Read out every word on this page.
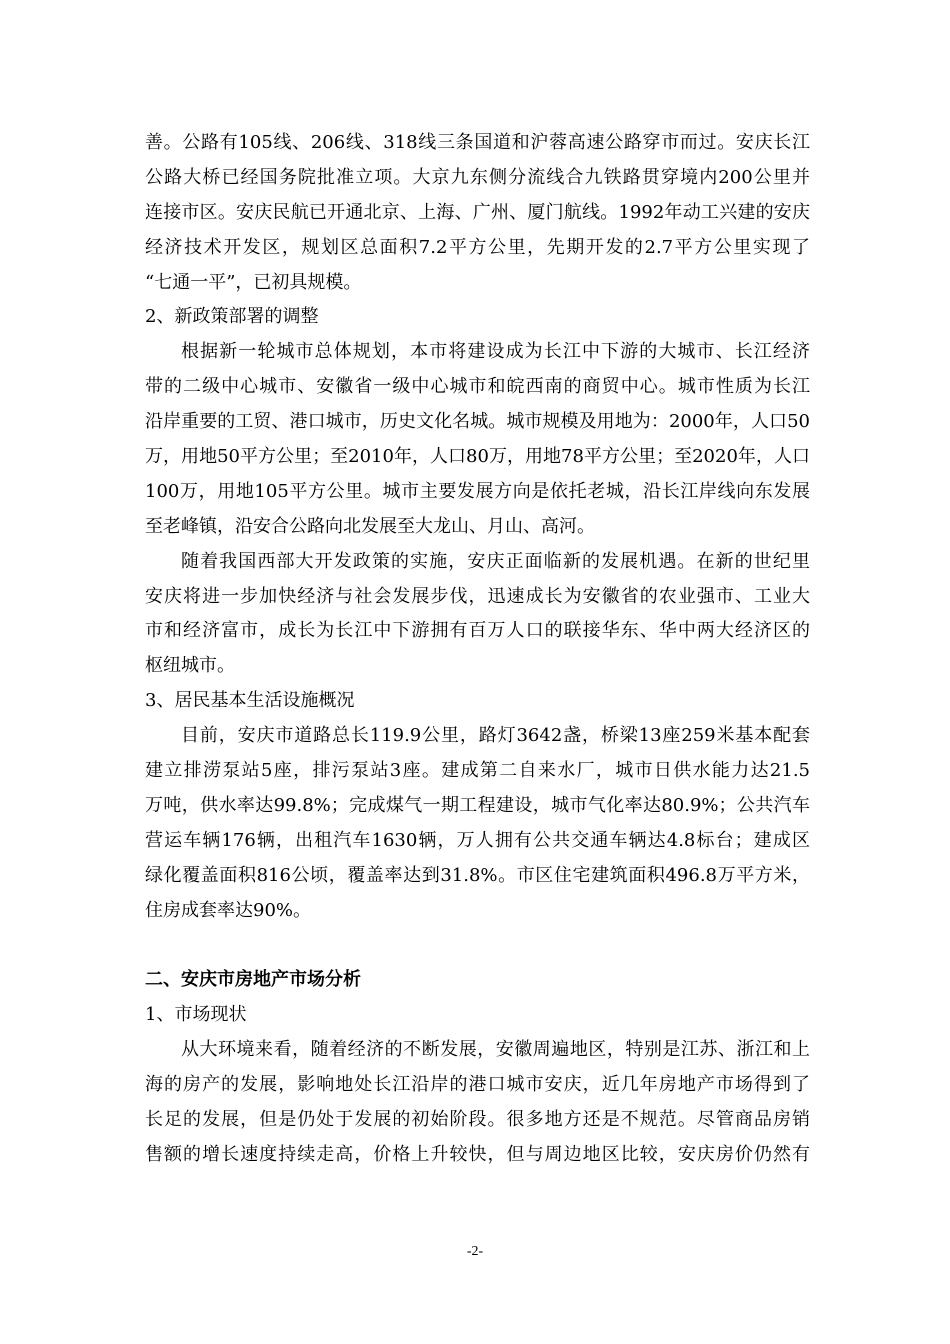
善。公路有105线、206线、318线三条国道和沪蓉高速公路穿市而过。安庆长江
公路大桥已经国务院批准立项。大京九东侧分流线合九铁路贯穿境内200公里并
连接市区。安庆民航已开通北京、上海、广州、厦门航线。1992年动工兴建的安庆
经济技术开发区，规划区总面积7.2平方公里，先期开发的2.7平方公里实现了
“七通一平”，已初具规模。
2、新政策部署的调整
根据新一轮城市总体规划，本市将建设成为长江中下游的大城市、长江经济
带的二级中心城市、安徽省一级中心城市和皖西南的商贸中心。城市性质为长江
沿岸重要的工贸、港口城市，历史文化名城。城市规模及用地为：2000年，人口50
万，用地50平方公里；至2010年，人口80万，用地78平方公里；至2020年，人口
100万，用地105平方公里。城市主要发展方向是依托老城，沿长江岸线向东发展
至老峰镇，沿安合公路向北发展至大龙山、月山、高河。
随着我国西部大开发政策的实施，安庆正面临新的发展机遇。在新的世纪里
安庆将进一步加快经济与社会发展步伐，迅速成长为安徽省的农业强市、工业大
市和经济富市，成长为长江中下游拥有百万人口的联接华东、华中两大经济区的
枢纽城市。
3、居民基本生活设施概况
目前，安庆市道路总长119.9公里，路灯3642盏，桥梁13座259米基本配套
建立排涝泵站5座，排污泵站3座。建成第二自来水厂，城市日供水能力达21.5
万吨，供水率达99.8%；完成煤气一期工程建设，城市气化率达80.9%；公共汽车
营运车辆176辆，出租汽车1630辆，万人拥有公共交通车辆达4.8标台；建成区
绿化覆盖面积816公顷，覆盖率达到31.8%。市区住宅建筑面积496.8万平方米，
住房成套率达90%。
二、安庆市房地产市场分析
1、市场现状
从大环境来看，随着经济的不断发展，安徽周遍地区，特别是江苏、浙江和上
海的房产的发展，影响地处长江沿岸的港口城市安庆，近几年房地产市场得到了
长足的发展，但是仍处于发展的初始阶段。很多地方还是不规范。尽管商品房销
售额的增长速度持续走高，价格上升较快，但与周边地区比较，安庆房价仍然有
-2-
